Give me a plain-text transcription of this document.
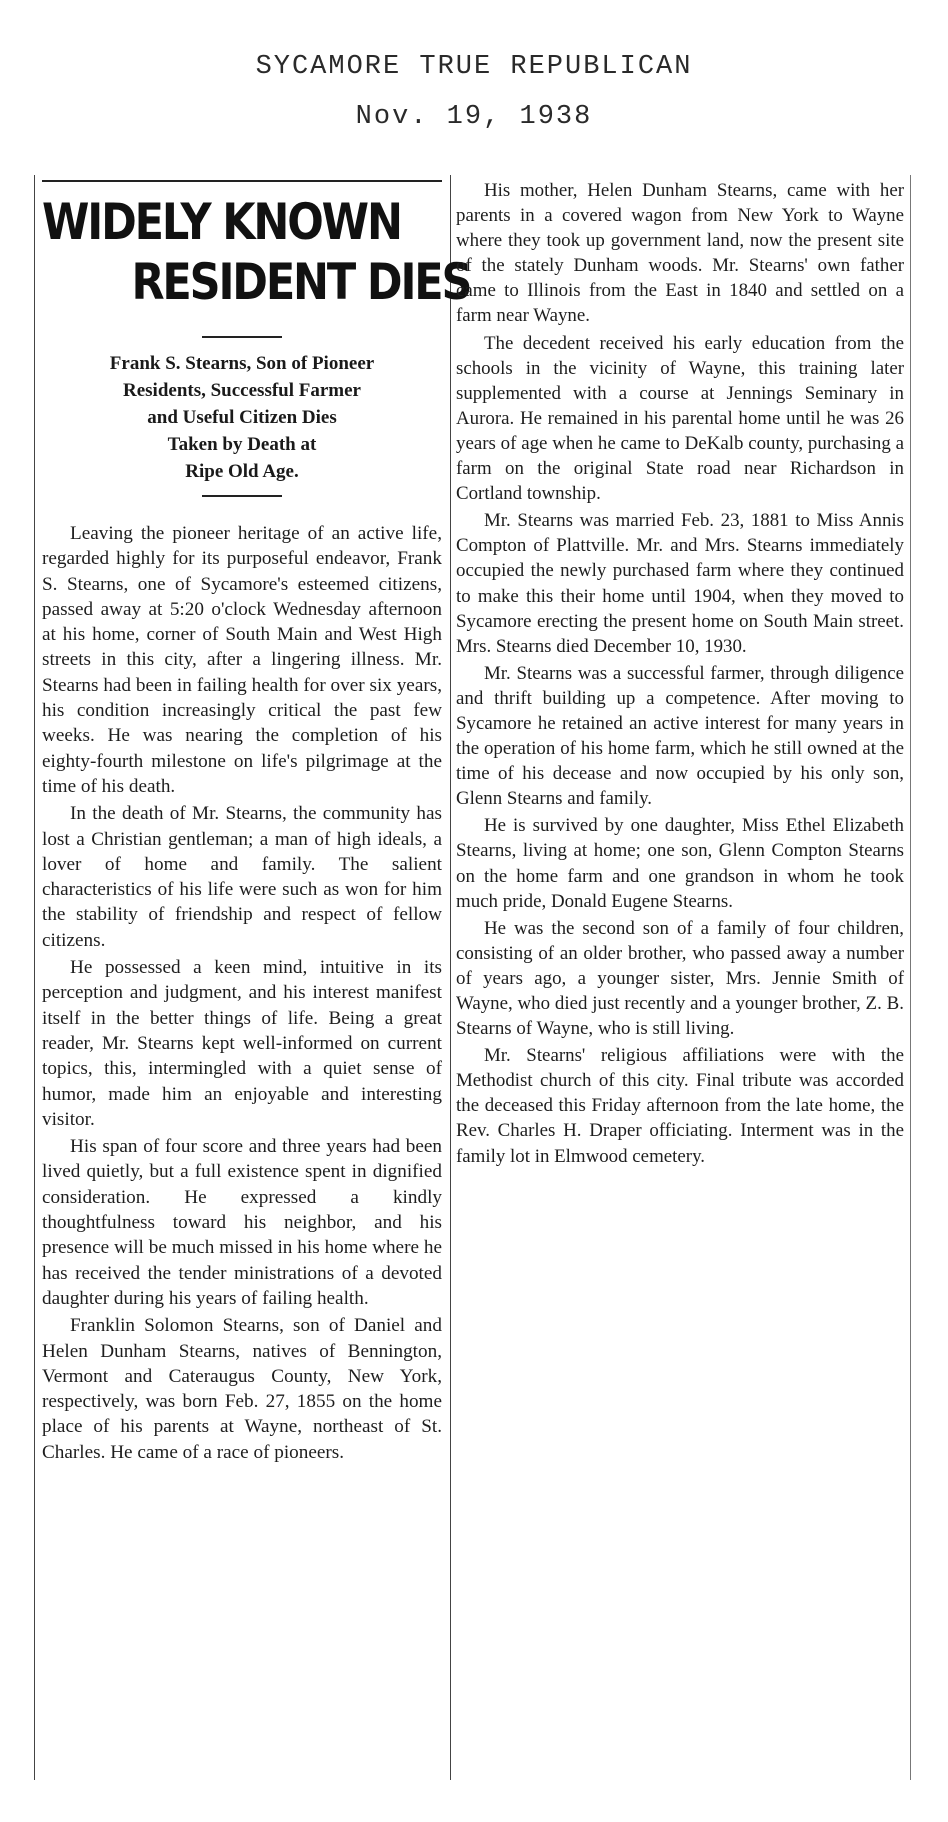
SYCAMORE TRUE REPUBLICAN
Nov. 19, 1938
WIDELY KNOWN
RESIDENT DIES
Frank S. Stearns, Son of Pioneer
Residents, Successful Farmer
and Useful Citizen Dies
Taken by Death at
Ripe Old Age.

Leaving the pioneer heritage of an active life, regarded highly for its purposeful endeavor, Frank S. Stearns, one of Sycamore's esteemed citizens, passed away at 5:20 o'clock Wednesday afternoon at his home, corner of South Main and West High streets in this city, after a lingering illness. Mr. Stearns had been in failing health for over six years, his condition increasingly critical the past few weeks. He was nearing the completion of his eighty-fourth milestone on life's pilgrimage at the time of his death.

In the death of Mr. Stearns, the community has lost a Christian gentleman; a man of high ideals, a lover of home and family. The salient characteristics of his life were such as won for him the stability of friendship and respect of fellow citizens.

He possessed a keen mind, intuitive in its perception and judgment, and his interest manifest itself in the better things of life. Being a great reader, Mr. Stearns kept well-informed on current topics, this, intermingled with a quiet sense of humor, made him an enjoyable and interesting visitor.

His span of four score and three years had been lived quietly, but a full existence spent in dignified consideration. He expressed a kindly thoughtfulness toward his neighbor, and his presence will be much missed in his home where he has received the tender ministrations of a devoted daughter during his years of failing health.

Franklin Solomon Stearns, son of Daniel and Helen Dunham Stearns, natives of Bennington, Vermont and Cateraugus County, New York, respectively, was born Feb. 27, 1855 on the home place of his parents at Wayne, northeast of St. Charles. He came of a race of pioneers.

His mother, Helen Dunham Stearns, came with her parents in a covered wagon from New York to Wayne where they took up government land, now the present site of the stately Dunham woods. Mr. Stearns' own father came to Illinois from the East in 1840 and settled on a farm near Wayne.

The decedent received his early education from the schools in the vicinity of Wayne, this training later supplemented with a course at Jennings Seminary in Aurora. He remained in his parental home until he was 26 years of age when he came to DeKalb county, purchasing a farm on the original State road near Richardson in Cortland township.

Mr. Stearns was married Feb. 23, 1881 to Miss Annis Compton of Plattville. Mr. and Mrs. Stearns immediately occupied the newly purchased farm where they continued to make this their home until 1904, when they moved to Sycamore erecting the present home on South Main street. Mrs. Stearns died December 10, 1930.

Mr. Stearns was a successful farmer, through diligence and thrift building up a competence. After moving to Sycamore he retained an active interest for many years in the operation of his home farm, which he still owned at the time of his decease and now occupied by his only son, Glenn Stearns and family.

He is survived by one daughter, Miss Ethel Elizabeth Stearns, living at home; one son, Glenn Compton Stearns on the home farm and one grandson in whom he took much pride, Donald Eugene Stearns.

He was the second son of a family of four children, consisting of an older brother, who passed away a number of years ago, a younger sister, Mrs. Jennie Smith of Wayne, who died just recently and a younger brother, Z. B. Stearns of Wayne, who is still living.

Mr. Stearns' religious affiliations were with the Methodist church of this city. Final tribute was accorded the deceased this Friday afternoon from the late home, the Rev. Charles H. Draper officiating. Interment was in the family lot in Elmwood cemetery.
